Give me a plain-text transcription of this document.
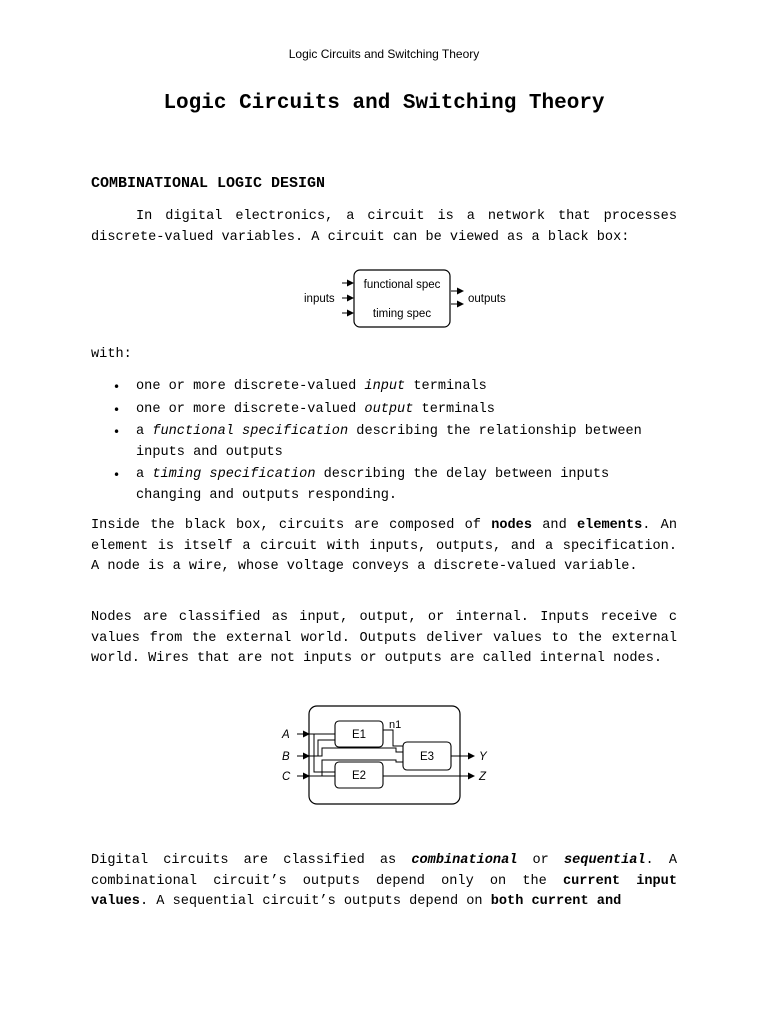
Logic Circuits and Switching Theory
Logic Circuits and Switching Theory
COMBINATIONAL LOGIC DESIGN

In digital electronics, a circuit is a network that processes discrete-valued variables. A circuit can be viewed as a black box:

inputs	outputs
functional spec
timing spec
with:
• one or more discrete-valued input terminals
• one or more discrete-valued output terminals
• a functional specification describing the relationship between inputs and outputs
• a timing specification describing the delay between inputs changing and outputs responding.

Inside the black box, circuits are composed of nodes and elements. An element is itself a circuit with inputs, outputs, and a specification. A node is a wire, whose voltage conveys a discrete-valued variable.

Nodes are classified as input, output, or internal. Inputs receive c values from the external world. Outputs deliver values to the external world. Wires that are not inputs or outputs are called internal nodes.

A
B
C
E1
E2
E3
n1
Y
Z

Digital circuits are classified as combinational or sequential. A combinational circuit’s outputs depend only on the current input values. A sequential circuit’s outputs depend on both current and
